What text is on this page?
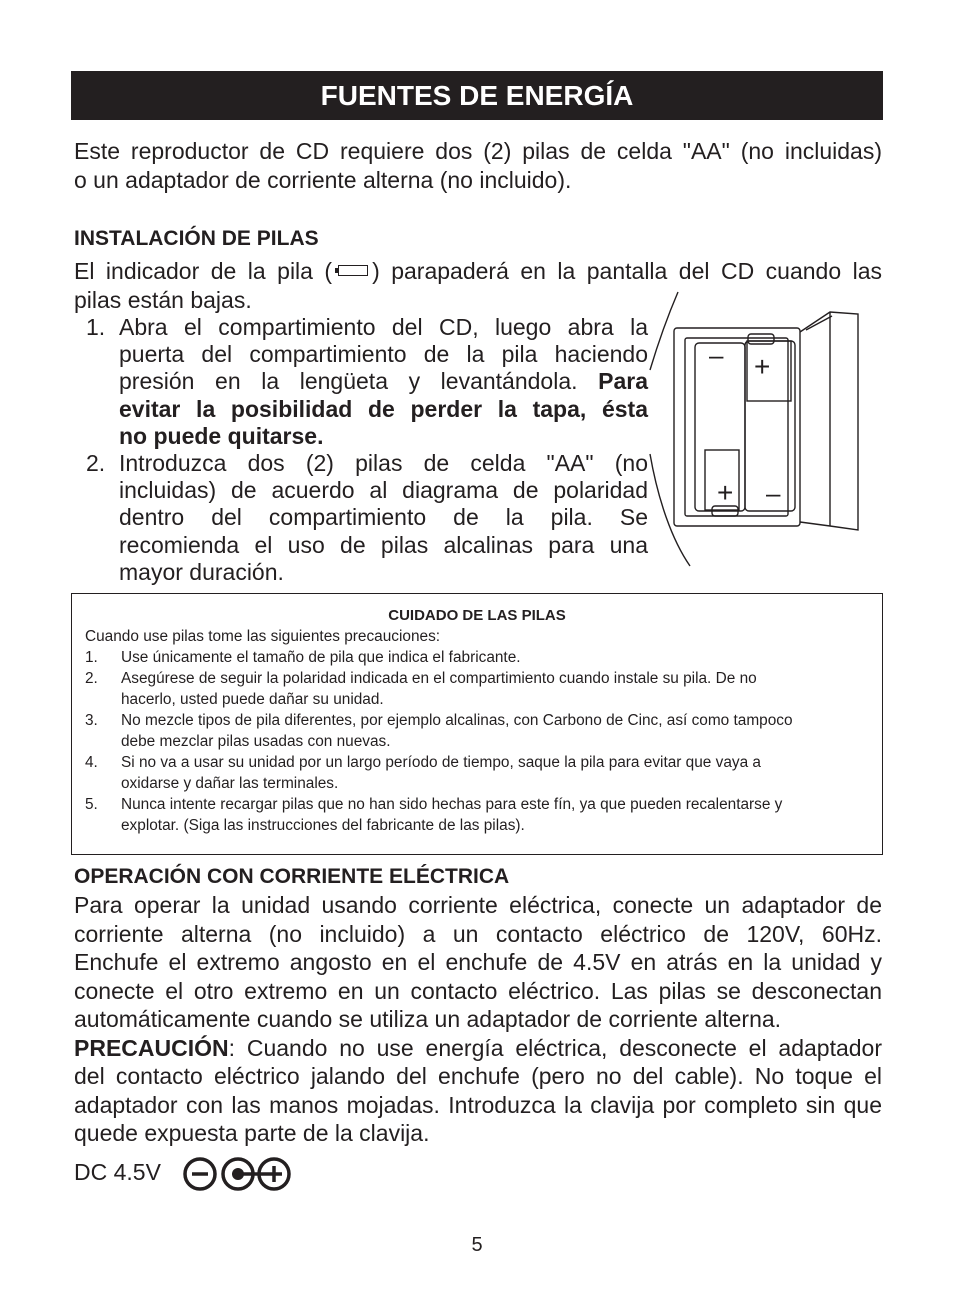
FUENTES DE ENERGÍA
Este reproductor de CD requiere dos (2) pilas de celda "AA" (no incluidas)
o un adaptador de corriente alterna (no incluido).
INSTALACIÓN DE PILAS
El indicador de la pila ( ) parapaderá en la pantalla del CD cuando las
pilas están bajas.
1. Abra el compartimiento del CD, luego abra la
puerta del compartimiento de la pila haciendo
presión en la lengüeta y levantándola. Para
evitar la posibilidad de perder la tapa, ésta
no puede quitarse.
2. Introduzca dos (2) pilas de celda "AA" (no
incluidas) de acuerdo al diagrama de polaridad
dentro del compartimiento de la pila. Se
recomienda el uso de pilas alcalinas para una
mayor duración.
– +
+ –
CUIDADO DE LAS PILAS
Cuando use pilas tome las siguientes precauciones:
1.	Use únicamente el tamaño de pila que indica el fabricante.
2.	Asegúrese de seguir la polaridad indicada en el compartimiento cuando instale su pila. De no
hacerlo, usted puede dañar su unidad.
3.	No mezcle tipos de pila diferentes, por ejemplo alcalinas, con Carbono de Cinc, así como tampoco
debe mezclar pilas usadas con nuevas.
4.	Si no va a usar su unidad por un largo período de tiempo, saque la pila para evitar que vaya a
oxidarse y dañar las terminales.
5.	Nunca intente recargar pilas que no han sido hechas para este fín, ya que pueden recalentarse y
explotar. (Siga las instrucciones del fabricante de las pilas).
OPERACIÓN CON CORRIENTE ELÉCTRICA
Para operar la unidad usando corriente eléctrica, conecte un adaptador de
corriente alterna (no incluido) a un contacto eléctrico de 120V, 60Hz.
Enchufe el extremo angosto en el enchufe de 4.5V en atrás en la unidad y
conecte el otro extremo en un contacto eléctrico. Las pilas se desconectan
automáticamente cuando se utiliza un adaptador de corriente alterna.
PRECAUCIÓN: Cuando no use energía eléctrica, desconecte el adaptador
del contacto eléctrico jalando del enchufe (pero no del cable). No toque el
adaptador con las manos mojadas. Introduzca la clavija por completo sin que
quede expuesta parte de la clavija.
DC 4.5V
5
